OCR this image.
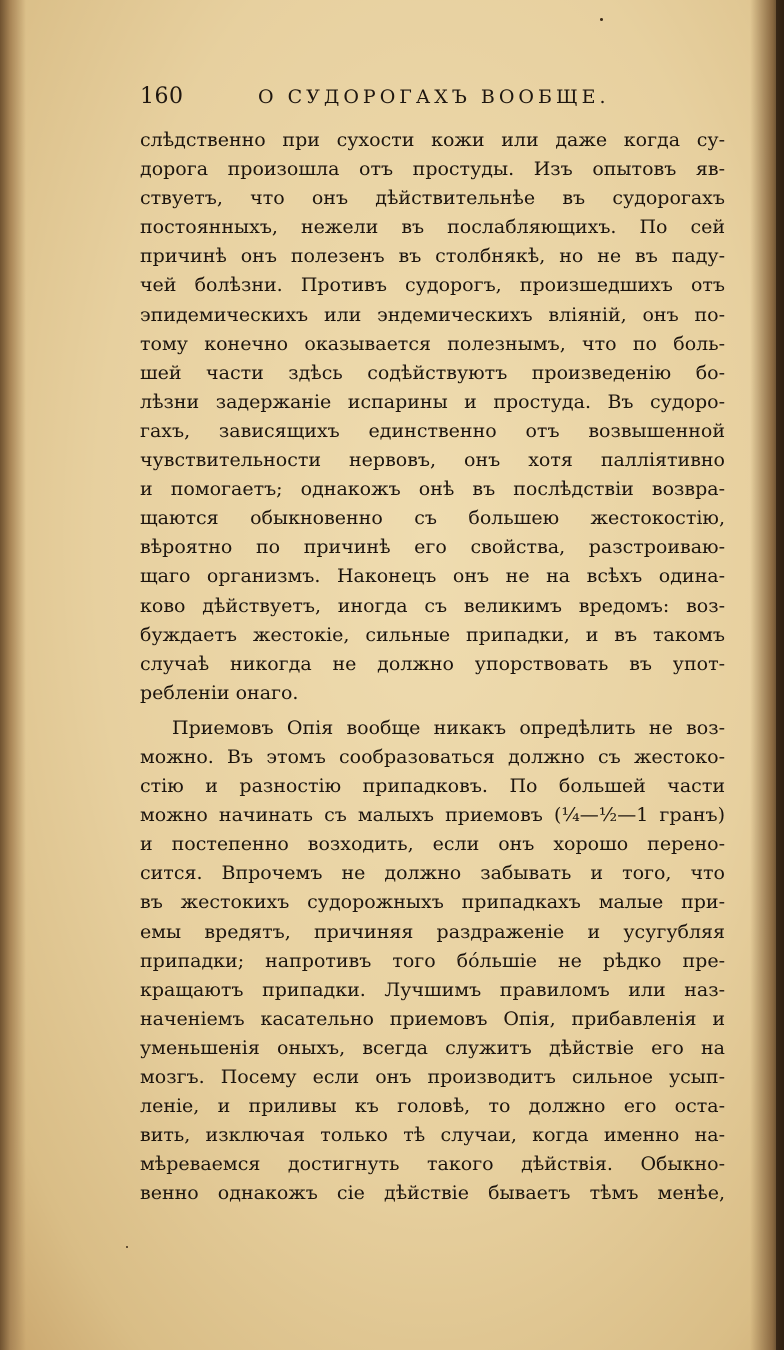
160	О СУДОРОГАХЪ ВООБЩЕ.
слѣдственно при сухости кожи или даже когда су-
дорога произошла отъ простуды. Изъ опытовъ яв-
ствуетъ, что онъ дѣйствительнѣе въ судорогахъ
постоянныхъ, нежели въ послабляющихъ. По сей
причинѣ онъ полезенъ въ столбнякѣ, но не въ паду-
чей болѣзни. Противъ судорогъ, произшедшихъ отъ
эпидемическихъ или эндемическихъ вліяній, онъ по-
тому конечно оказывается полезнымъ, что по боль-
шей части здѣсь содѣйствуютъ произведенію бо-
лѣзни задержаніе испарины и простуда. Въ судоро-
гахъ, зависящихъ единственно отъ возвышенной
чувствительности нервовъ, онъ хотя палліятивно
и помогаетъ; однакожъ онѣ въ послѣдствіи возвра-
щаются обыкновенно съ большею жестокостію,
вѣроятно по причинѣ его свойства, разстроиваю-
щаго организмъ. Наконецъ онъ не на всѣхъ одина-
ково дѣйствуетъ, иногда съ великимъ вредомъ: воз-
буждаетъ жестокіе, сильные припадки, и въ такомъ
случаѣ никогда не должно упорствовать въ упот-
ребленіи онаго.
Приемовъ Опія вообще никакъ опредѣлить не воз-
можно. Въ этомъ сообразоваться должно съ жестоко-
стію и разностію припадковъ. По большей части
можно начинать съ малыхъ приемовъ (¼—½—1 гранъ)
и постепенно возходить, если онъ хорошо перено-
сится. Впрочемъ не должно забывать и того, что
въ жестокихъ судорожныхъ припадкахъ малые при-
емы вредятъ, причиняя раздраженіе и усугубляя
припадки; напротивъ того бóльшіе не рѣдко пре-
кращаютъ припадки. Лучшимъ правиломъ или наз-
наченіемъ касательно приемовъ Опія, прибавленія и
уменьшенія оныхъ, всегда служитъ дѣйствіе его на
мозгъ. Посему если онъ производитъ сильное усып-
леніе, и приливы къ головѣ, то должно его оста-
вить, изключая только тѣ случаи, когда именно на-
мѣреваемся достигнуть такого дѣйствія. Обыкно-
венно однакожъ сіе дѣйствіе бываетъ тѣмъ менѣе,
